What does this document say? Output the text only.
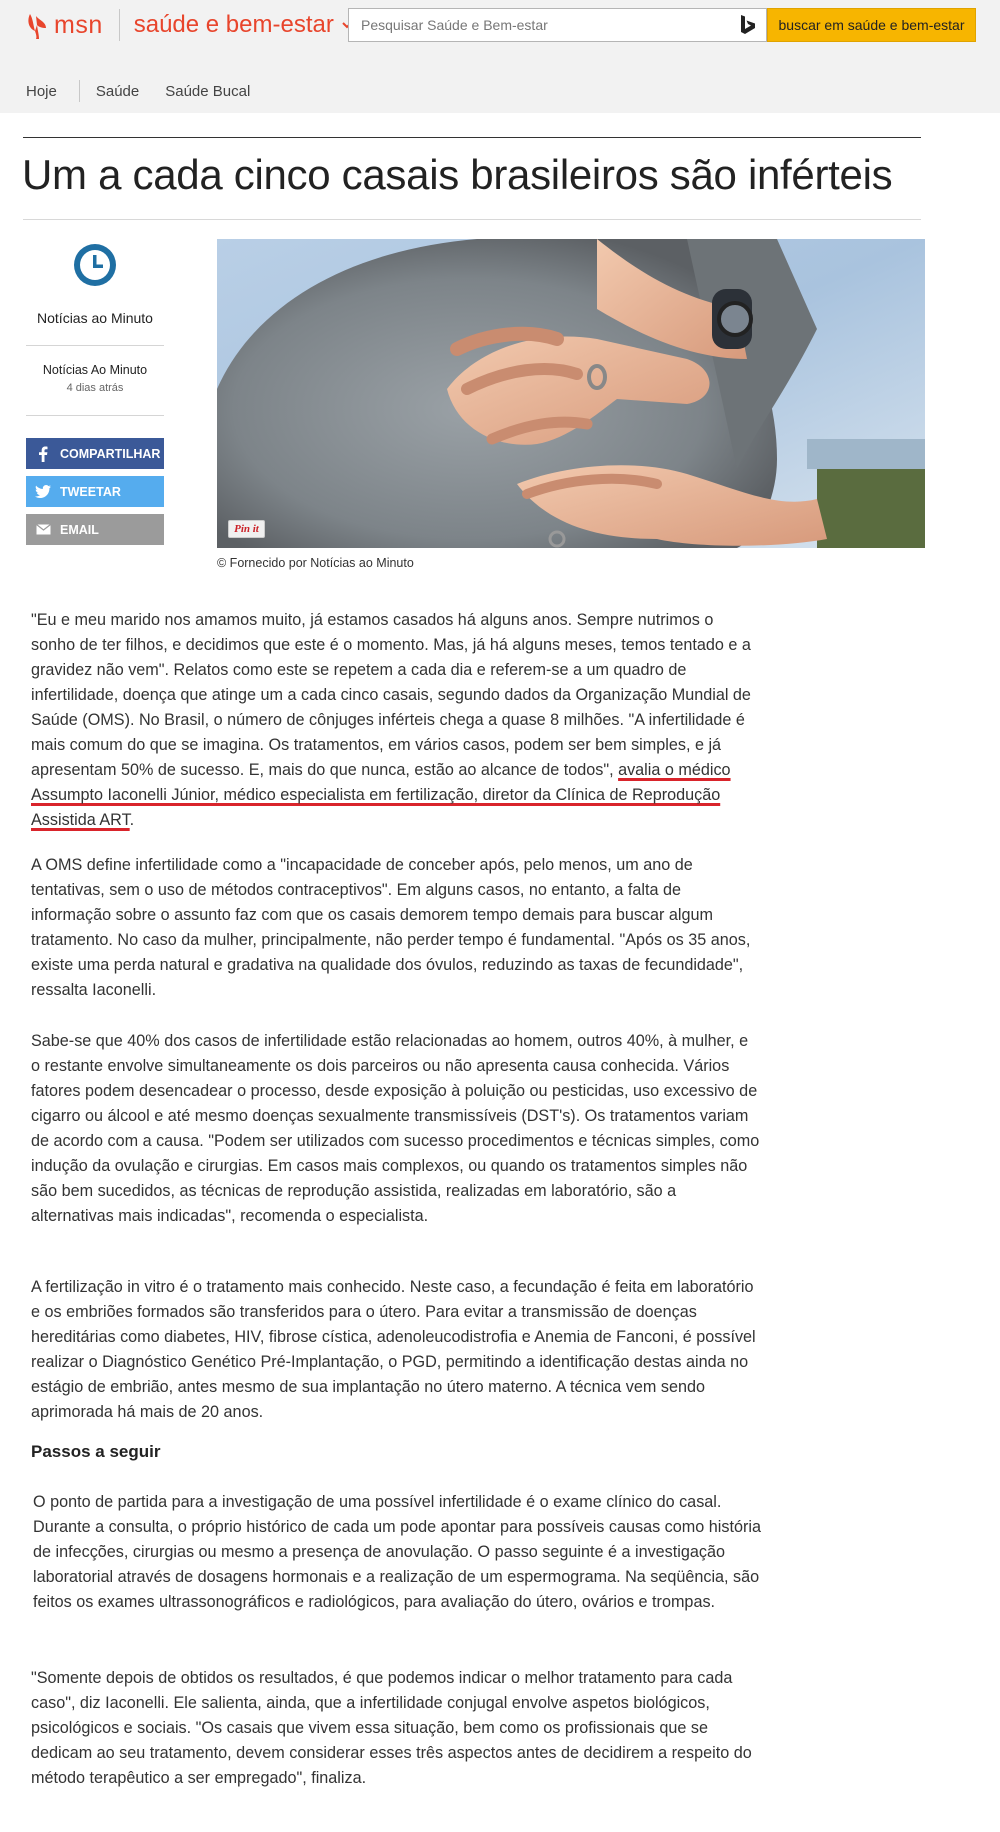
msn saúde e bem-estar
Pesquisar Saúde e Bem-estar	buscar em saúde e bem-estar
Hoje	Saúde Saúde Bucal
Um a cada cinco casais brasileiros são inférteis
Notícias ao Minuto
Notícias Ao Minuto
4 dias atrás
COMPARTILHAR
TWEETAR
EMAIL	Pin it
© Fornecido por Notícias ao Minuto

"Eu e meu marido nos amamos muito, já estamos casados há alguns anos. Sempre nutrimos o sonho de ter filhos, e decidimos que este é o momento. Mas, já há alguns meses, temos tentado e a gravidez não vem". Relatos como este se repetem a cada dia e referem-se a um quadro de infertilidade, doença que atinge um a cada cinco casais, segundo dados da Organização Mundial de Saúde (OMS). No Brasil, o número de cônjuges inférteis chega a quase 8 milhões. "A infertilidade é mais comum do que se imagina. Os tratamentos, em vários casos, podem ser bem simples, e já apresentam 50% de sucesso. E, mais do que nunca, estão ao alcance de todos", avalia o médico Assumpto Iaconelli Júnior, médico especialista em fertilização, diretor da Clínica de Reprodução Assistida ART.

A OMS define infertilidade como a "incapacidade de conceber após, pelo menos, um ano de tentativas, sem o uso de métodos contraceptivos". Em alguns casos, no entanto, a falta de informação sobre o assunto faz com que os casais demorem tempo demais para buscar algum tratamento. No caso da mulher, principalmente, não perder tempo é fundamental. "Após os 35 anos, existe uma perda natural e gradativa na qualidade dos óvulos, reduzindo as taxas de fecundidade", ressalta Iaconelli.

Sabe-se que 40% dos casos de infertilidade estão relacionadas ao homem, outros 40%, à mulher, e o restante envolve simultaneamente os dois parceiros ou não apresenta causa conhecida. Vários fatores podem desencadear o processo, desde exposição à poluição ou pesticidas, uso excessivo de cigarro ou álcool e até mesmo doenças sexualmente transmissíveis (DST's). Os tratamentos variam de acordo com a causa. "Podem ser utilizados com sucesso procedimentos e técnicas simples, como indução da ovulação e cirurgias. Em casos mais complexos, ou quando os tratamentos simples não são bem sucedidos, as técnicas de reprodução assistida, realizadas em laboratório, são a alternativas mais indicadas", recomenda o especialista.

A fertilização in vitro é o tratamento mais conhecido. Neste caso, a fecundação é feita em laboratório e os embriões formados são transferidos para o útero. Para evitar a transmissão de doenças hereditárias como diabetes, HIV, fibrose cística, adenoleucodistrofia e Anemia de Fanconi, é possível realizar o Diagnóstico Genético Pré-Implantação, o PGD, permitindo a identificação destas ainda no estágio de embrião, antes mesmo de sua implantação no útero materno. A técnica vem sendo aprimorada há mais de 20 anos.

Passos a seguir

O ponto de partida para a investigação de uma possível infertilidade é o exame clínico do casal. Durante a consulta, o próprio histórico de cada um pode apontar para possíveis causas como história de infecções, cirurgias ou mesmo a presença de anovulação. O passo seguinte é a investigação laboratorial através de dosagens hormonais e a realização de um espermograma. Na seqüência, são feitos os exames ultrassonográficos e radiológicos, para avaliação do útero, ovários e trompas.

"Somente depois de obtidos os resultados, é que podemos indicar o melhor tratamento para cada caso", diz Iaconelli. Ele salienta, ainda, que a infertilidade conjugal envolve aspetos biológicos, psicológicos e sociais. "Os casais que vivem essa situação, bem como os profissionais que se dedicam ao seu tratamento, devem considerar esses três aspectos antes de decidirem a respeito do método terapêutico a ser empregado", finaliza.
